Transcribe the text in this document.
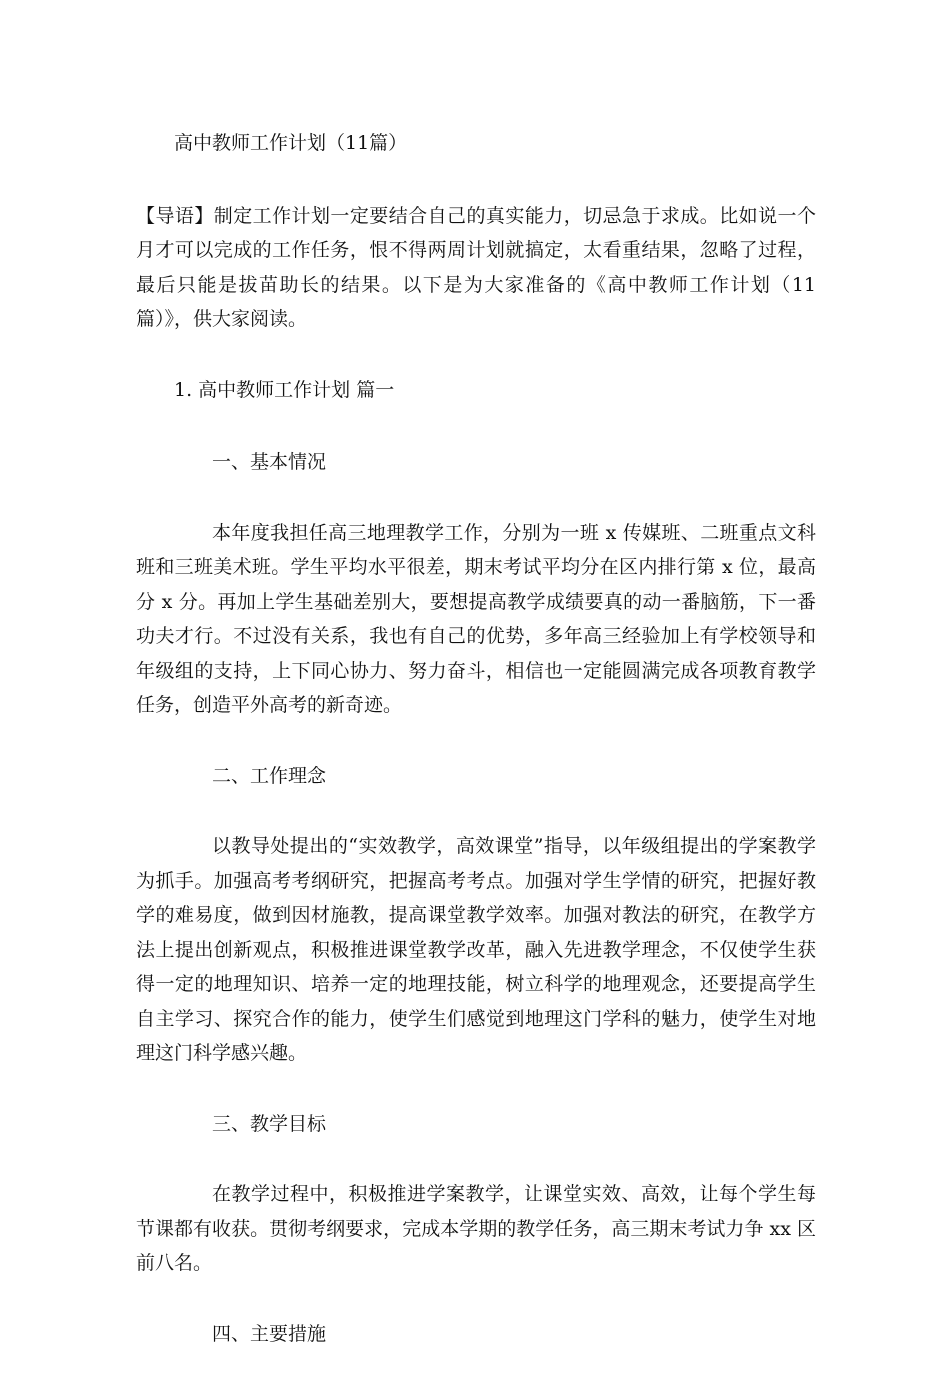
高中教师工作计划（11篇）

【导语】制定工作计划一定要结合自己的真实能力，切忌急于求成。比如说一个月才可以完成的工作任务，恨不得两周计划就搞定，太看重结果，忽略了过程，最后只能是拔苗助长的结果。以下是为大家准备的《高中教师工作计划（11篇）》，供大家阅读。

1. 高中教师工作计划 篇一

一、基本情况

本年度我担任高三地理教学工作，分别为一班 x 传媒班、二班重点文科班和三班美术班。学生平均水平很差，期末考试平均分在区内排行第 x 位，最高分 x 分。再加上学生基础差别大，要想提高教学成绩要真的动一番脑筋，下一番功夫才行。不过没有关系，我也有自己的优势，多年高三经验加上有学校领导和年级组的支持，上下同心协力、努力奋斗，相信也一定能圆满完成各项教育教学任务，创造平外高考的新奇迹。

二、工作理念

以教导处提出的“实效教学，高效课堂”指导，以年级组提出的学案教学为抓手。加强高考考纲研究，把握高考考点。加强对学生学情的研究，把握好教学的难易度，做到因材施教，提高课堂教学效率。加强对教法的研究，在教学方法上提出创新观点，积极推进课堂教学改革，融入先进教学理念，不仅使学生获得一定的地理知识、培养一定的地理技能，树立科学的地理观念，还要提高学生自主学习、探究合作的能力，使学生们感觉到地理这门学科的魅力，使学生对地理这门科学感兴趣。

三、教学目标

在教学过程中，积极推进学案教学，让课堂实效、高效，让每个学生每节课都有收获。贯彻考纲要求，完成本学期的教学任务，高三期末考试力争 xx 区前八名。

四、主要措施
